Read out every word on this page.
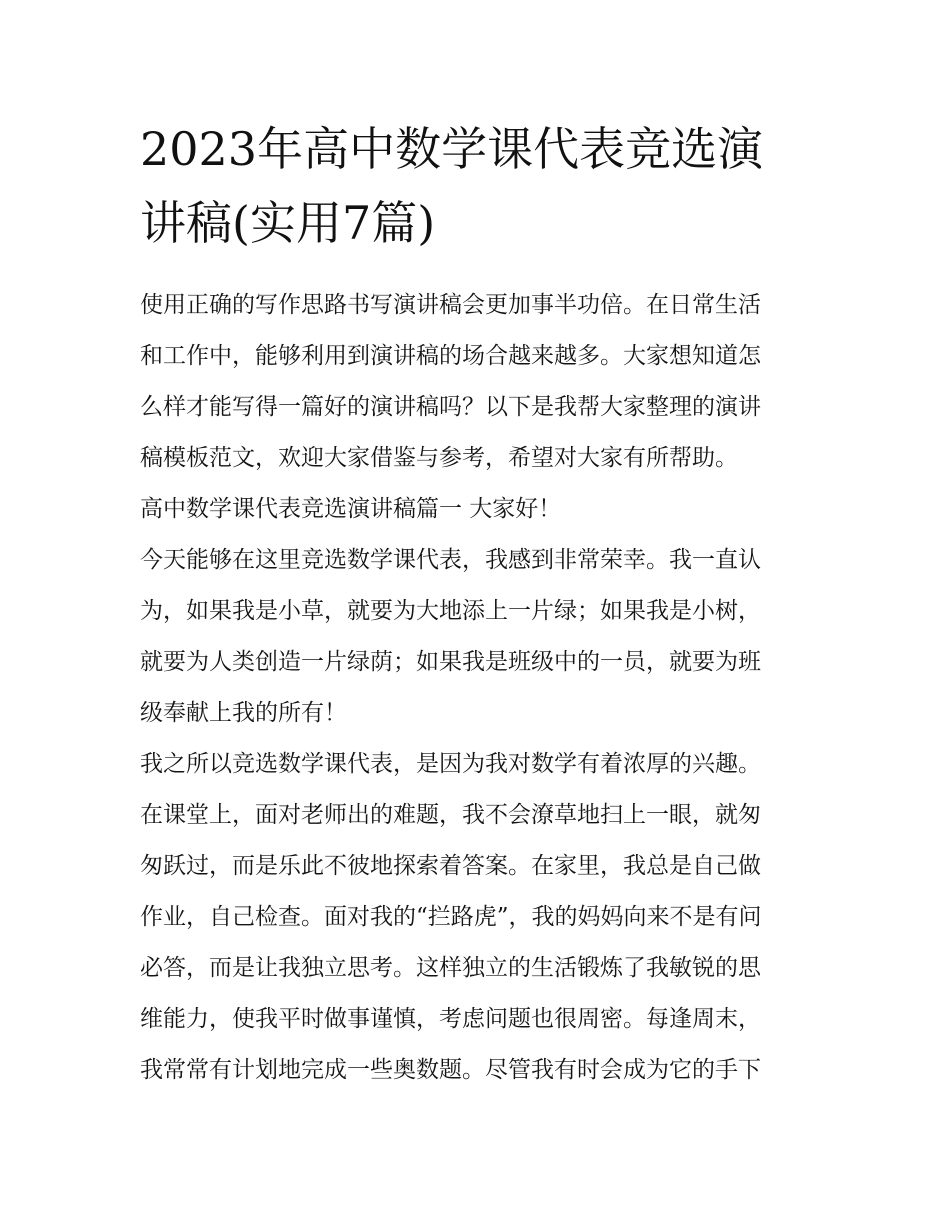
2023年高中数学课代表竞选演
讲稿(实用7篇)
使用正确的写作思路书写演讲稿会更加事半功倍。在日常生活
和工作中，能够利用到演讲稿的场合越来越多。大家想知道怎
么样才能写得一篇好的演讲稿吗？以下是我帮大家整理的演讲
稿模板范文，欢迎大家借鉴与参考，希望对大家有所帮助。
高中数学课代表竞选演讲稿篇一 大家好！
今天能够在这里竞选数学课代表，我感到非常荣幸。我一直认
为，如果我是小草，就要为大地添上一片绿；如果我是小树，
就要为人类创造一片绿荫；如果我是班级中的一员，就要为班
级奉献上我的所有！
我之所以竞选数学课代表，是因为我对数学有着浓厚的兴趣。
在课堂上，面对老师出的难题，我不会潦草地扫上一眼，就匆
匆跃过，而是乐此不彼地探索着答案。在家里，我总是自己做
作业，自己检查。面对我的“拦路虎”，我的妈妈向来不是有问
必答，而是让我独立思考。这样独立的生活锻炼了我敏锐的思
维能力，使我平时做事谨慎，考虑问题也很周密。每逢周末，
我常常有计划地完成一些奥数题。尽管我有时会成为它的手下
